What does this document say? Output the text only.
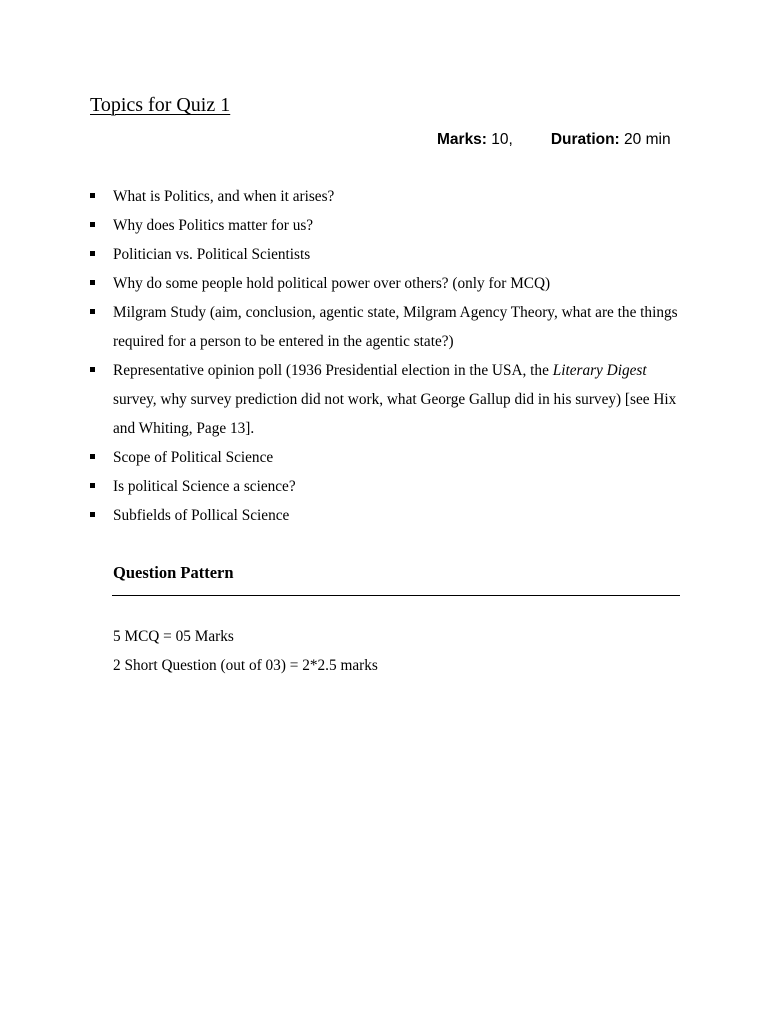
Topics for Quiz 1
Marks: 10, Duration: 20 min
What is Politics, and when it arises?
Why does Politics matter for us?
Politician vs. Political Scientists
Why do some people hold political power over others? (only for MCQ)
Milgram Study (aim, conclusion, agentic state, Milgram Agency Theory, what are the things required for a person to be entered in the agentic state?)
Representative opinion poll (1936 Presidential election in the USA, the Literary Digest survey, why survey prediction did not work, what George Gallup did in his survey) [see Hix and Whiting, Page 13].
Scope of Political Science
Is political Science a science?
Subfields of Pollical Science
Question Pattern
5 MCQ = 05 Marks
2 Short Question (out of 03) = 2*2.5 marks
